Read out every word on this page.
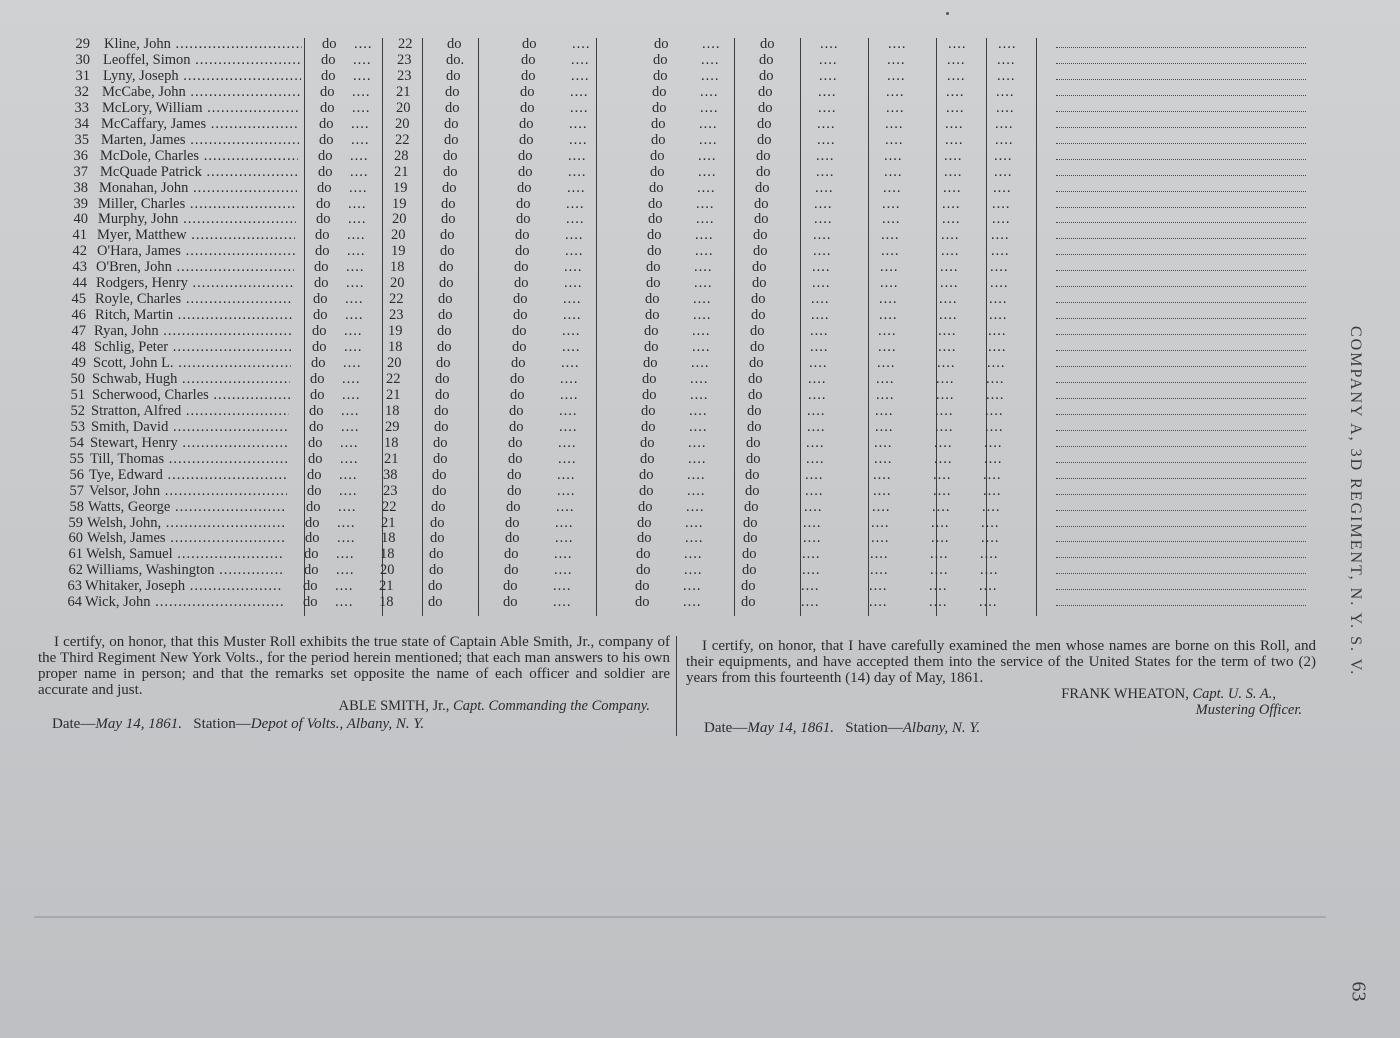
29 Kline, John .....	do .... 22 do	do ....	do ....	do	....	....	.... ....
30 Leoffel, Simon .....	do .... 23 do.	do ....	do ....	do	....	....	.... ....
31 Lyny, Joseph .....	do .... 23 do	do ....	do ....	do	....	....	.... ....
32 McCabe, John .....	do .... 21 do	do ....	do ....	do	....	....	.... ....
33 McLory, William .....	do .... 20 do	do ....	do ....	do	....	....	.... ....
34 McCaffary, James .....	do .... 20 do	do ....	do ....	do	....	....	.... ....
35 Marten, James .....	do .... 22 do	do ....	do ....	do	....	....	.... ....
36 McDole, Charles .....	do .... 28 do	do ....	do ....	do	....	....	.... ....
37 McQuade Patrick .....	do .... 21 do	do ....	do ....	do	....	....	.... ....
38 Monahan, John .....	do .... 19 do	do ....	do ....	do	....	....	.... ....
39 Miller, Charles .....	do .... 19 do	do ....	do ....	do	....	....	.... ....
40 Murphy, John .....	do .... 20 do	do ....	do ....	do	....	....	.... ....
41 Myer, Matthew .....	do .... 20 do	do ....	do ....	do	....	....	.... ....
42 O'Hara, James .....	do .... 19 do	do ....	do ....	do	....	....	.... ....
43 O'Bren, John .....	do .... 18 do	do ....	do ....	do	....	....	.... ....
44 Rodgers, Henry .....	do .... 20 do	do ....	do ....	do	....	....	.... ....
45 Royle, Charles .....	do .... 22 do	do ....	do ....	do	....	....	.... ....
46 Ritch, Martin .....	do .... 23 do	do ....	do ....	do	....	....	.... ....
47 Ryan, John .....	do .... 19 do	do ....	do ....	do	....	....	.... ....
48 Schlig, Peter .....	do .... 18 do	do ....	do ....	do	....	....	.... ....
49 Scott, John L. .....	do .... 20 do	do ....	do ....	do	....	....	.... ....
50 Schwab, Hugh .....	do .... 22 do	do ....	do ....	do	....	....	.... ....
51 Scherwood, Charles .....	do .... 21 do	do ....	do ....	do	....	....	.... ....
52 Stratton, Alfred .....	do .... 18 do	do ....	do ....	do	....	....	.... ....
53 Smith, David .....	do .... 29 do	do ....	do ....	do	....	....	.... ....
54 Stewart, Henry .....	do .... 18 do	do ....	do ....	do	....	....	.... ....
55 Till, Thomas .....	do .... 21 do	do ....	do ....	do	....	....	.... ....
56 Tye, Edward .....	do .... 38 do	do ....	do ....	do	....	....	.... ....
57 Velsor, John .....	do .... 23 do	do ....	do ....	do	....	....	.... ....
58 Watts, George .....	do .... 22 do	do ....	do ....	do	....	....	.... ....
59 Welsh, John, .....	do .... 21 do	do ....	do ....	do	....	....	.... ....
60 Welsh, James .....	do .... 18 do	do ....	do ....	do	....	....	.... ....
61 Welsh, Samuel .....	do .... 18 do	do ....	do ....	do	....	....	.... ....
62 Williams, Washington .....	do .... 20 do	do ....	do ....	do	....	....	.... ....
63 Whitaker, Joseph .....	do .... 21 do	do ....	do ....	do	....	....	.... ....
64 Wick, John .....	do .... 18 do	do ....	do ....	do	....	....	.... ....	COMPANY A, 3D REGIMENT, N. Y. S. V.
I certify, on honor, that this Muster Roll exhibits the true state of Captain Able Smith, Jr., company of the Third Regiment New York Volts., for the period herein mentioned; that each man answers to his own proper name in person; and that the remarks set opposite the name of each officer and soldier are accurate and just.
ABLE SMITH, Jr., Capt. Commanding the Company.
Date—May 14, 1861. Station—Depot of Volts., Albany, N. Y.
I certify, on honor, that I have carefully examined the men whose names are borne on this Roll, and their equipments, and have accepted them into the service of the United States for the term of two (2) years from this fourteenth (14) day of May, 1861.
FRANK WHEATON, Capt. U. S. A.,
Mustering Officer.
Date—May 14, 1861. Station—Albany, N. Y.
63
